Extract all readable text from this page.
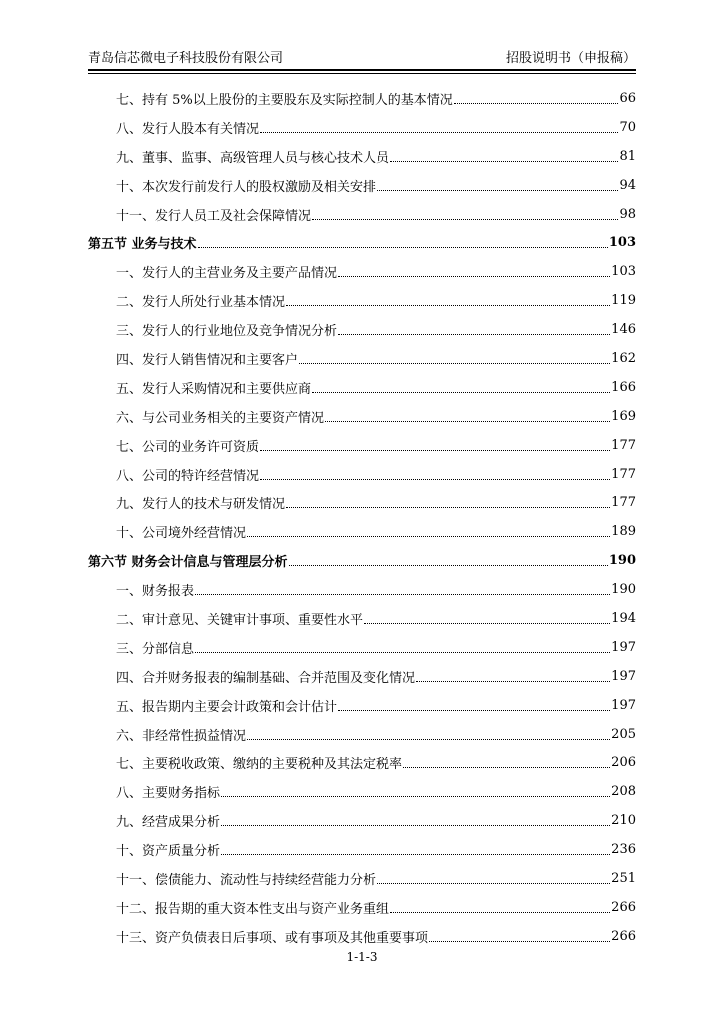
青岛信芯微电子科技股份有限公司	招股说明书（申报稿）
七、持有 5%以上股份的主要股东及实际控制人的基本情况	66
八、发行人股本有关情况	70
九、董事、监事、高级管理人员与核心技术人员	81
十、本次发行前发行人的股权激励及相关安排	94
十一、发行人员工及社会保障情况	98
第五节 业务与技术	103
一、发行人的主营业务及主要产品情况	103
二、发行人所处行业基本情况	119
三、发行人的行业地位及竞争情况分析	146
四、发行人销售情况和主要客户	162
五、发行人采购情况和主要供应商	166
六、与公司业务相关的主要资产情况	169
七、公司的业务许可资质	177
八、公司的特许经营情况	177
九、发行人的技术与研发情况	177
十、公司境外经营情况	189
第六节 财务会计信息与管理层分析	190
一、财务报表	190
二、审计意见、关键审计事项、重要性水平	194
三、分部信息	197
四、合并财务报表的编制基础、合并范围及变化情况	197
五、报告期内主要会计政策和会计估计	197
六、非经常性损益情况	205
七、主要税收政策、缴纳的主要税种及其法定税率	206
八、主要财务指标	208
九、经营成果分析	210
十、资产质量分析	236
十一、偿债能力、流动性与持续经营能力分析	251
十二、报告期的重大资本性支出与资产业务重组	266
十三、资产负债表日后事项、或有事项及其他重要事项	266
1-1-3
